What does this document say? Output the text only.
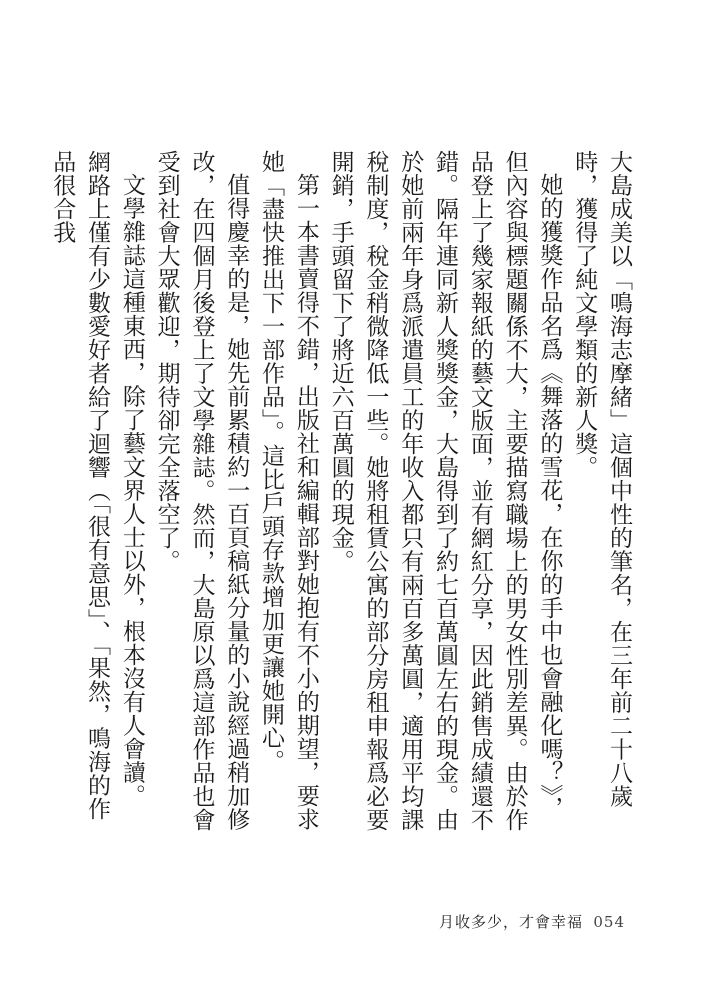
大島成美以「鳴海志摩緒」這個中性的筆名，在三年前二十八歲時，獲得了純文學類的新人獎。

她的獲獎作品名爲《舞落的雪花，在你的手中也會融化嗎？》，但內容與標題關係不大，主要描寫職場上的男女性別差異。由於作品登上了幾家報紙的藝文版面，並有網紅分享，因此銷售成績還不錯。隔年連同新人獎獎金，大島得到了約七百萬圓左右的現金。由於她前兩年身爲派遣員工的年收入都只有兩百多萬圓，適用平均課稅制度，稅金稍微降低一些。她將租賃公寓的部分房租申報爲必要開銷，手頭留下了將近六百萬圓的現金。

第一本書賣得不錯，出版社和編輯部對她抱有不小的期望，要求她「盡快推出下一部作品」。這比戶頭存款增加更讓她開心。

值得慶幸的是，她先前累積約一百頁稿紙分量的小說經過稍加修改，在四個月後登上了文學雜誌。然而，大島原以爲這部作品也會受到社會大眾歡迎，期待卻完全落空了。

文學雜誌這種東西，除了藝文界人士以外，根本沒有人會讀。

網路上僅有少數愛好者給了迴響（「很有意思」、「果然，鳴海的作品很合我

月收多少，才會幸福 054
